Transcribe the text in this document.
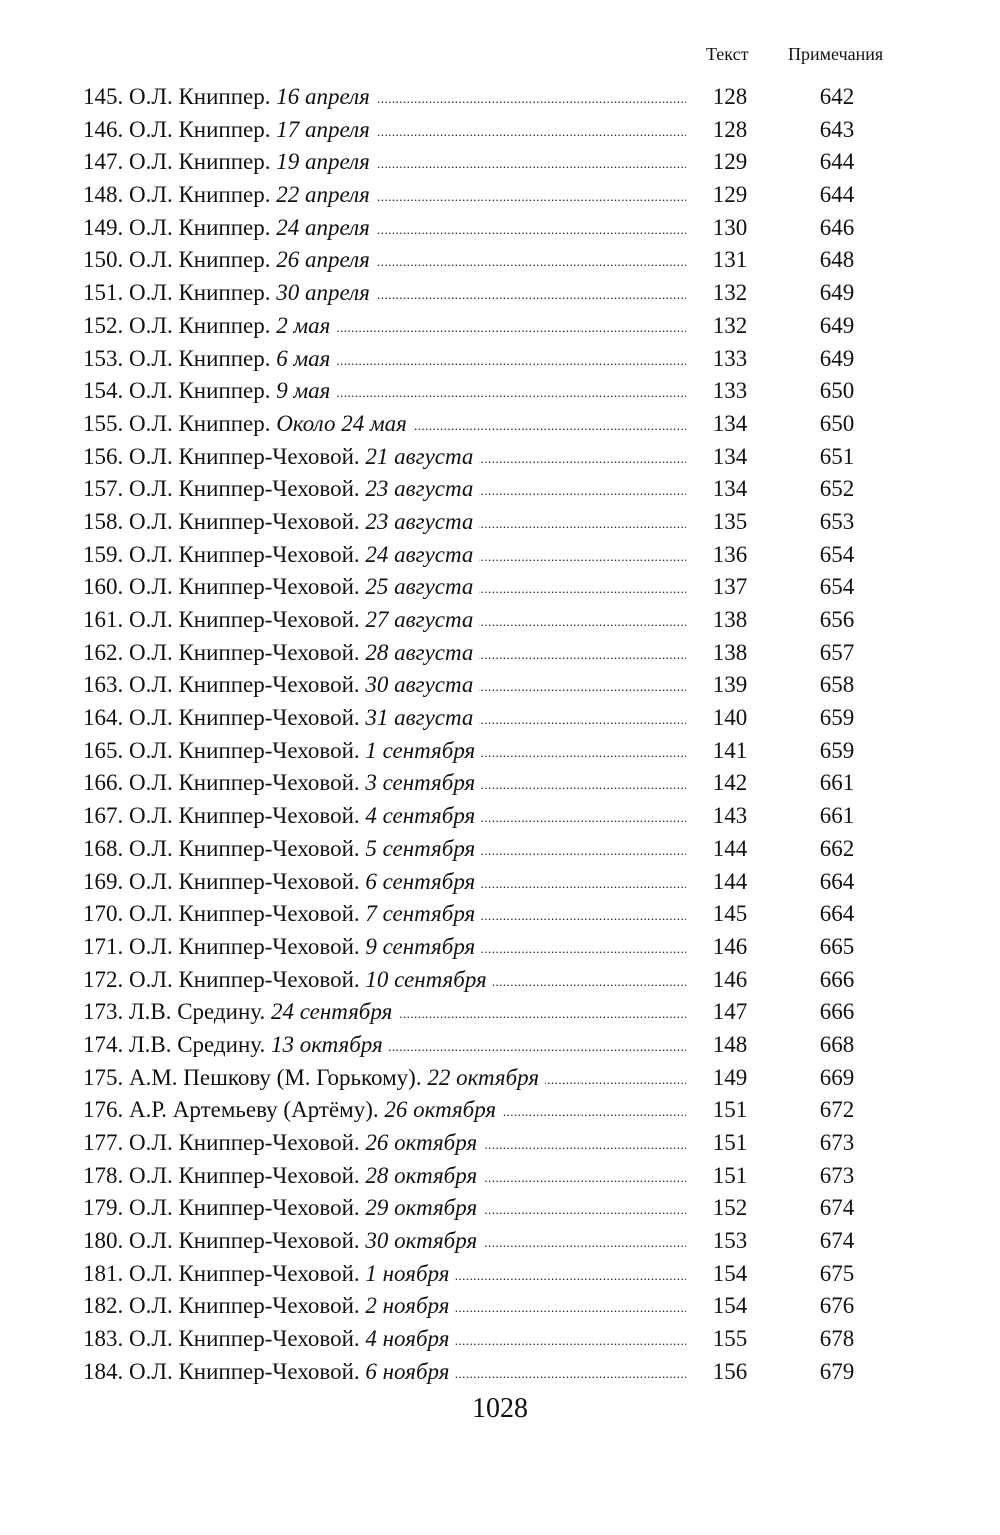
Текст Примечания
145. О.Л. Книппер. 16 апреля . . .	128	642
146. О.Л. Книппер. 17 апреля . . .	128	643
147. О.Л. Книппер. 19 апреля . . .	129	644
148. О.Л. Книппер. 22 апреля . . .	129	644
149. О.Л. Книппер. 24 апреля . . .	130	646
150. О.Л. Книппер. 26 апреля . . .	131	648
151. О.Л. Книппер. 30 апреля . . .	132	649
152. О.Л. Книппер. 2 мая . . .	132	649
153. О.Л. Книппер. 6 мая . . .	133	649
154. О.Л. Книппер. 9 мая . . .	133	650
155. О.Л. Книппер. Около 24 мая . . .	134	650
156. О.Л. Книппер-Чеховой. 21 августа . . .	134	651
157. О.Л. Книппер-Чеховой. 23 августа . . .	134	652
158. О.Л. Книппер-Чеховой. 23 августа . . .	135	653
159. О.Л. Книппер-Чеховой. 24 августа . . .	136	654
160. О.Л. Книппер-Чеховой. 25 августа . . .	137	654
161. О.Л. Книппер-Чеховой. 27 августа . . .	138	656
162. О.Л. Книппер-Чеховой. 28 августа . . .	138	657
163. О.Л. Книппер-Чеховой. 30 августа . . .	139	658
164. О.Л. Книппер-Чеховой. 31 августа . . .	140	659
165. О.Л. Книппер-Чеховой. 1 сентября . . .	141	659
166. О.Л. Книппер-Чеховой. 3 сентября . . .	142	661
167. О.Л. Книппер-Чеховой. 4 сентября . . .	143	661
168. О.Л. Книппер-Чеховой. 5 сентября . . .	144	662
169. О.Л. Книппер-Чеховой. 6 сентября . . .	144	664
170. О.Л. Книппер-Чеховой. 7 сентября . . .	145	664
171. О.Л. Книппер-Чеховой. 9 сентября . . .	146	665
172. О.Л. Книппер-Чеховой. 10 сентября . . .	146	666
173. Л.В. Средину. 24 сентября . . .	147	666
174. Л.В. Средину. 13 октября . . .	148	668
175. А.М. Пешкову (М. Горькому). 22 октября . . .	149	669
176. А.Р. Артемьеву (Артёму). 26 октября . . .	151	672
177. О.Л. Книппер-Чеховой. 26 октября . . .	151	673
178. О.Л. Книппер-Чеховой. 28 октября . . .	151	673
179. О.Л. Книппер-Чеховой. 29 октября . . .	152	674
180. О.Л. Книппер-Чеховой. 30 октября . . .	153	674
181. О.Л. Книппер-Чеховой. 1 ноября . . .	154	675
182. О.Л. Книппер-Чеховой. 2 ноября . . .	154	676
183. О.Л. Книппер-Чеховой. 4 ноября . . .	155	678
184. О.Л. Книппер-Чеховой. 6 ноября . . .	156	679
1028
